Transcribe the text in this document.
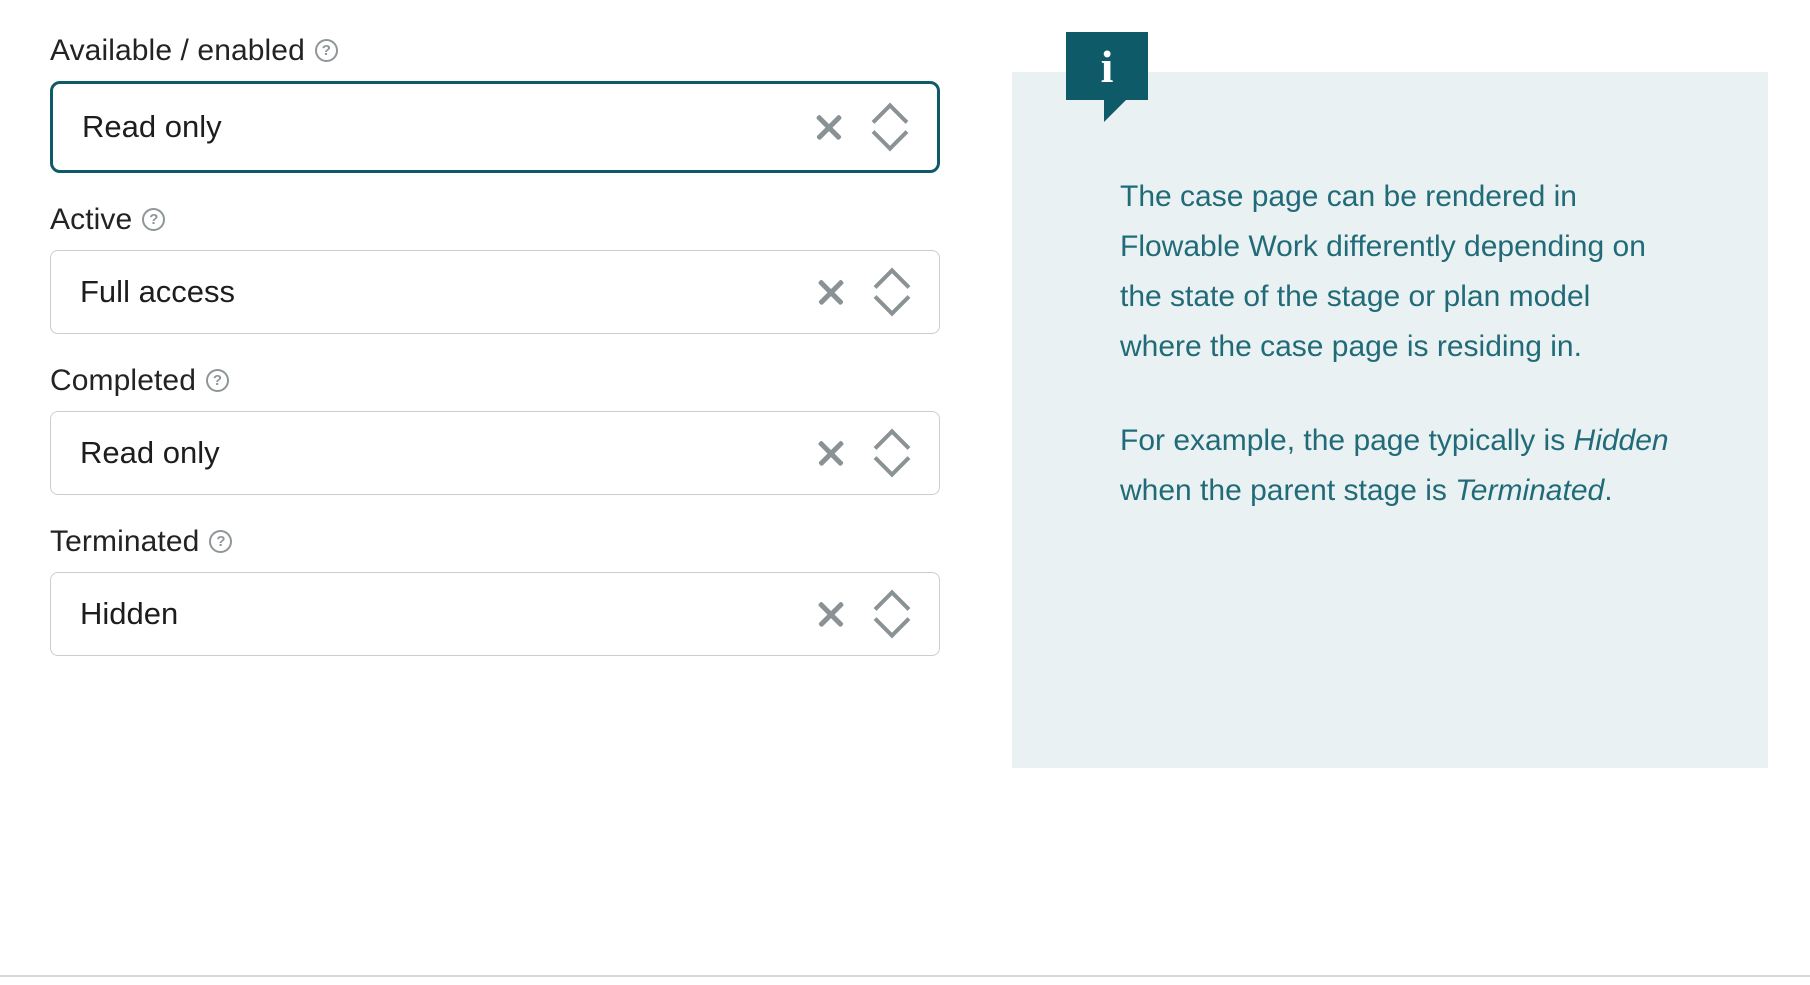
Available / enabled	?
Read only
Active	?
Full access
Completed	?
Read only
Terminated	?
Hidden
i

The case page can be rendered in Flowable Work differently depending on the state of the stage or plan model where the case page is residing in.

For example, the page typically is Hidden when the parent stage is Terminated.
